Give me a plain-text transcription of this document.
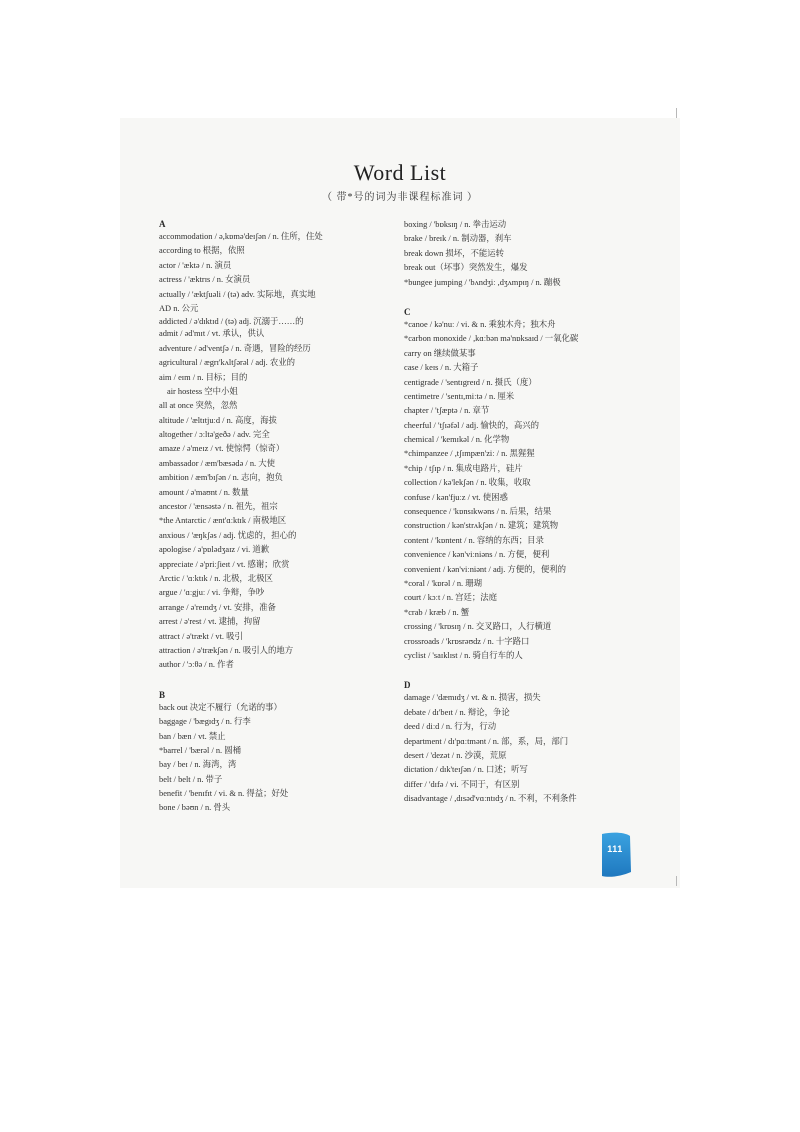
Word List
（ 带*号的词为非课程标准词 ）
A
accommodation / ə,kɒmə'deɪʃən / n. 住所，住处
according to 根据，依照
actor / 'æktə / n. 演员
actress / 'æktrɪs / n. 女演员
actually / 'æktʃuəli / (tə) adv. 实际地，真实地
AD n. 公元
addicted / ə'dɪktɪd / (tə) adj. 沉溺于……的
admit / əd'mɪt / vt. 承认，供认
adventure / əd'ventʃə / n. 奇遇，冒险的经历
agricultural / ægrɪ'kʌltʃərəl / adj. 农业的
aim / eɪm / n. 目标；目的
air hostess 空中小姐
all at once 突然，忽然
altitude / 'æltɪtjuːd / n. 高度，海拔
altogether / ɔːltə'geðə / adv. 完全
amaze / ə'meɪz / vt. 使惊愕（惊奇）
ambassador / æm'bæsədə / n. 大使
ambition / æm'bɪʃən / n. 志向，抱负
amount / ə'maʊnt / n. 数量
ancestor / 'ænsəstə / n. 祖先，祖宗
*the Antarctic / ænt'ɑːktɪk / 南极地区
anxious / 'æŋkʃəs / adj. 忧虑的，担心的
apologise / ə'pɒlədʒaɪz / vi. 道歉
appreciate / ə'priːʃieɪt / vt. 感谢；欣赏
Arctic / 'ɑːktɪk / n. 北极，北极区
argue / 'ɑːgjuː / vi. 争辩，争吵
arrange / ə'reɪndʒ / vt. 安排，准备
arrest / ə'rest / vt. 逮捕，拘留
attract / ə'trækt / vt. 吸引
attraction / ə'trækʃən / n. 吸引人的地方
author / 'ɔːθə / n. 作者
B
back out 决定不履行（允诺的事）
baggage / 'bægɪdʒ / n. 行李
ban / bæn / vt. 禁止
*barrel / 'bærəl / n. 圆桶
bay / beɪ / n. 海湾，湾
belt / belt / n. 带子
benefit / 'benɪfɪt / vi. & n. 得益；好处
bone / bəʊn / n. 骨头
boxing / 'bɒksɪŋ / n. 拳击运动
brake / breɪk / n. 制动器，刹车
break down 损坏，不能运转
break out（坏事）突然发生，爆发
*bungee jumping / 'bʌndʒiː ,dʒʌmpɪŋ / n. 蹦极
C
*canoe / kə'nuː / vi. & n. 乘独木舟；独木舟
*carbon monoxide / ,kɑːbən mə'nɒksaɪd / 一氧化碳
carry on 继续做某事
case / keɪs / n. 大箱子
centigrade / 'sentɪgreɪd / n. 摄氏（度）
centimetre / 'sentɪ,miːtə / n. 厘米
chapter / 'tʃæptə / n. 章节
cheerful / 'tʃɪəfəl / adj. 愉快的，高兴的
chemical / 'kemɪkəl / n. 化学物
*chimpanzee / ,tʃɪmpæn'ziː / n. 黑猩猩
*chip / tʃɪp / n. 集成电路片，硅片
collection / kə'lekʃən / n. 收集，收取
confuse / kən'fjuːz / vt. 使困惑
consequence / 'kɒnsɪkwəns / n. 后果，结果
construction / kən'strʌkʃən / n. 建筑；建筑物
content / 'kɒntent / n. 容纳的东西；目录
convenience / kən'viːniəns / n. 方便，便利
convenient / kən'viːniənt / adj. 方便的，便利的
*coral / 'kɒrəl / n. 珊瑚
court / kɔːt / n. 宫廷；法庭
*crab / kræb / n. 蟹
crossing / 'krɒsɪŋ / n. 交叉路口，人行横道
crossroads / 'krɒsrəʊdz / n. 十字路口
cyclist / 'saɪklɪst / n. 骑自行车的人
D
damage / 'dæmɪdʒ / vt. & n. 损害，损失
debate / dɪ'beɪt / n. 辩论，争论
deed / diːd / n. 行为，行动
department / dɪ'pɑːtmənt / n. 部，系，局，部门
desert / 'dezət / n. 沙漠，荒原
dictation / dɪk'teɪʃən / n. 口述；听写
differ / 'dɪfə / vi. 不同于，有区别
disadvantage / ,dɪsəd'vɑːntɪdʒ / n. 不利，不利条件
111
